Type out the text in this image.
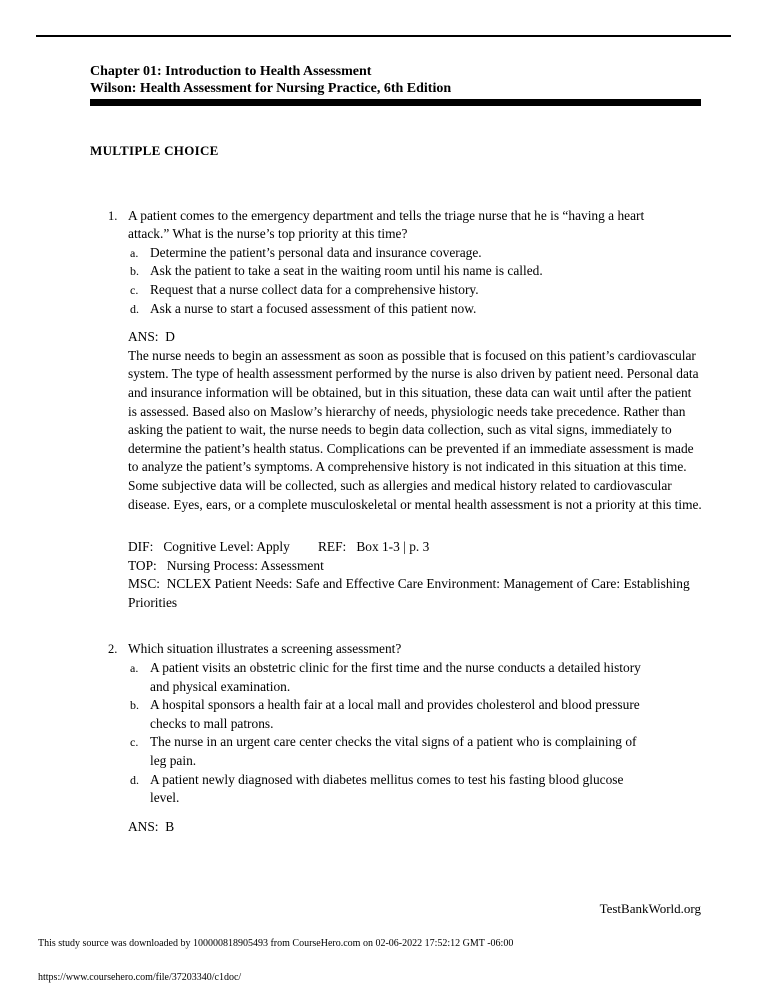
Chapter 01: Introduction to Health Assessment
Wilson: Health Assessment for Nursing Practice, 6th Edition
MULTIPLE CHOICE
1. A patient comes to the emergency department and tells the triage nurse that he is “having a heart attack.” What is the nurse’s top priority at this time?
a. Determine the patient’s personal data and insurance coverage.
b. Ask the patient to take a seat in the waiting room until his name is called.
c. Request that a nurse collect data for a comprehensive history.
d. Ask a nurse to start a focused assessment of this patient now.
ANS:  D
The nurse needs to begin an assessment as soon as possible that is focused on this patient’s cardiovascular system. The type of health assessment performed by the nurse is also driven by patient need. Personal data and insurance information will be obtained, but in this situation, these data can wait until after the patient is assessed. Based also on Maslow’s hierarchy of needs, physiologic needs take precedence. Rather than asking the patient to wait, the nurse needs to begin data collection, such as vital signs, immediately to determine the patient’s health status. Complications can be prevented if an immediate assessment is made to analyze the patient’s symptoms. A comprehensive history is not indicated in this situation at this time. Some subjective data will be collected, such as allergies and medical history related to cardiovascular disease. Eyes, ears, or a complete musculoskeletal or mental health assessment is not a priority at this time.
DIF:   Cognitive Level: Apply	REF:   Box 1-3 | p. 3
TOP:   Nursing Process: Assessment
MSC:  NCLEX Patient Needs: Safe and Effective Care Environment: Management of Care: Establishing Priorities
2. Which situation illustrates a screening assessment?
a. A patient visits an obstetric clinic for the first time and the nurse conducts a detailed history and physical examination.
b. A hospital sponsors a health fair at a local mall and provides cholesterol and blood pressure checks to mall patrons.
c. The nurse in an urgent care center checks the vital signs of a patient who is complaining of leg pain.
d. A patient newly diagnosed with diabetes mellitus comes to test his fasting blood glucose level.
ANS:  B
TestBankWorld.org
This study source was downloaded by 100000818905493 from CourseHero.com on 02-06-2022 17:52:12 GMT -06:00
https://www.coursehero.com/file/37203340/c1doc/
